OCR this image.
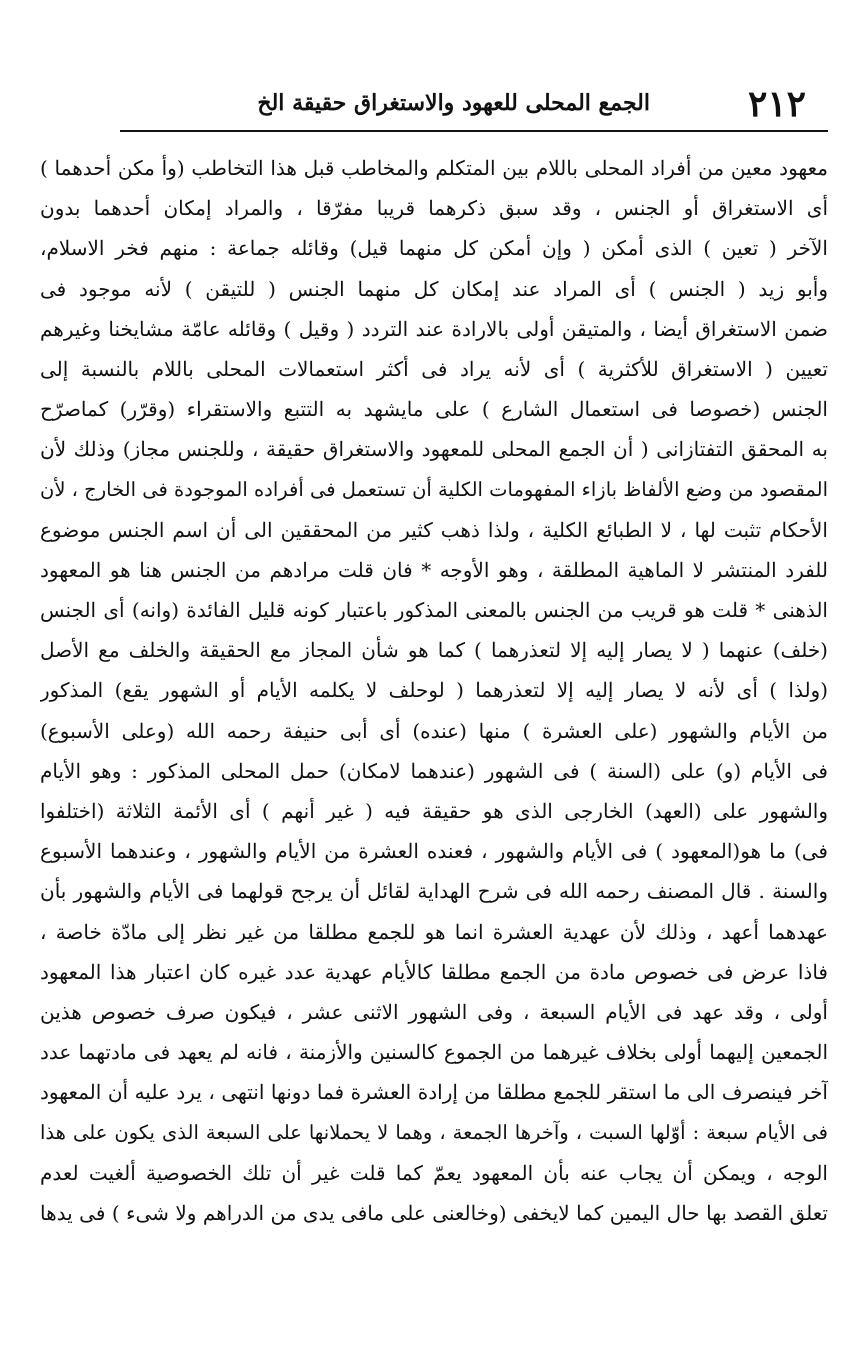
٢١٢
الجمع المحلى للعهود والاستغراق حقيقة الخ
معهود معين من أفراد المحلى باللام بين المتكلم والمخاطب قبل هذا التخاطب (وأ مكن أحدهما )
أى الاستغراق أو الجنس ، وقد سبق ذكرهما قريبا مفرّقا ، والمراد إمكان أحدهما بدون
الآخر ( تعين ) الذى أمكن ( وإن أمكن كل منهما قيل) وقائله جماعة : منهم فخر الاسلام،
وأبو زيد ( الجنس ) أى المراد عند إمكان كل منهما الجنس ( للتيقن ) لأنه موجود فى
ضمن الاستغراق أيضا ، والمتيقن أولى بالارادة عند التردد ( وقيل ) وقائله عامّة مشايخنا وغيرهم
تعيين ( الاستغراق للأكثرية ) أى لأنه يراد فى أكثر استعمالات المحلى باللام بالنسبة إلى
الجنس (خصوصا فى استعمال الشارع ) على مايشهد به التتبع والاستقراء (وقرّر) كماصرّح
به المحقق التفتازانى ( أن الجمع المحلى للمعهود والاستغراق حقيقة ، وللجنس مجاز) وذلك لأن
المقصود من وضع الألفاظ بازاء المفهومات الكلية أن تستعمل فى أفراده الموجودة فى الخارج ، لأن
الأحكام تثبت لها ، لا الطبائع الكلية ، ولذا ذهب كثير من المحققين الى أن اسم الجنس موضوع
للفرد المنتشر لا الماهية المطلقة ، وهو الأوجه * فان قلت مرادهم من الجنس هنا هو المعهود
الذهنى * قلت هو قريب من الجنس بالمعنى المذكور باعتبار كونه قليل الفائدة (وانه) أى الجنس
(خلف) عنهما ( لا يصار إليه إلا لتعذرهما ) كما هو شأن المجاز مع الحقيقة والخلف مع الأصل
(ولذا ) أى لأنه لا يصار إليه إلا لتعذرهما ( لوحلف لا يكلمه الأيام أو الشهور يقع) المذكور
من الأيام والشهور (على العشرة ) منها (عنده) أى أبى حنيفة رحمه الله (وعلى الأسبوع)
فى الأيام (و) على (السنة ) فى الشهور (عندهما لامكان) حمل المحلى المذكور : وهو الأيام
والشهور على (العهد) الخارجى الذى هو حقيقة فيه ( غير أنهم ) أى الأئمة الثلاثة (اختلفوا
فى) ما هو(المعهود ) فى الأيام والشهور ، فعنده العشرة من الأيام والشهور ، وعندهما الأسبوع
والسنة . قال المصنف رحمه الله فى شرح الهداية لقائل أن يرجح قولهما فى الأيام والشهور بأن
عهدهما أعهد ، وذلك لأن عهدية العشرة انما هو للجمع مطلقا من غير نظر إلى مادّة خاصة ،
فاذا عرض فى خصوص مادة من الجمع مطلقا كالأيام عهدية عدد غيره كان اعتبار هذا المعهود
أولى ، وقد عهد فى الأيام السبعة ، وفى الشهور الاثنى عشر ، فيكون صرف خصوص هذين
الجمعين إليهما أولى بخلاف غيرهما من الجموع كالسنين والأزمنة ، فانه لم يعهد فى مادتهما عدد
آخر فينصرف الى ما استقر للجمع مطلقا من إرادة العشرة فما دونها انتهى ، يرد عليه أن المعهود
فى الأيام سبعة : أوّلها السبت ، وآخرها الجمعة ، وهما لا يحملانها على السبعة الذى يكون على هذا
الوجه ، ويمكن أن يجاب عنه بأن المعهود يعمّ كما قلت غير أن تلك الخصوصية ألغيت لعدم
تعلق القصد بها حال اليمين كما لايخفى (وخالعنى على مافى يدى من الدراهم ولا شىء ) فى يدها
